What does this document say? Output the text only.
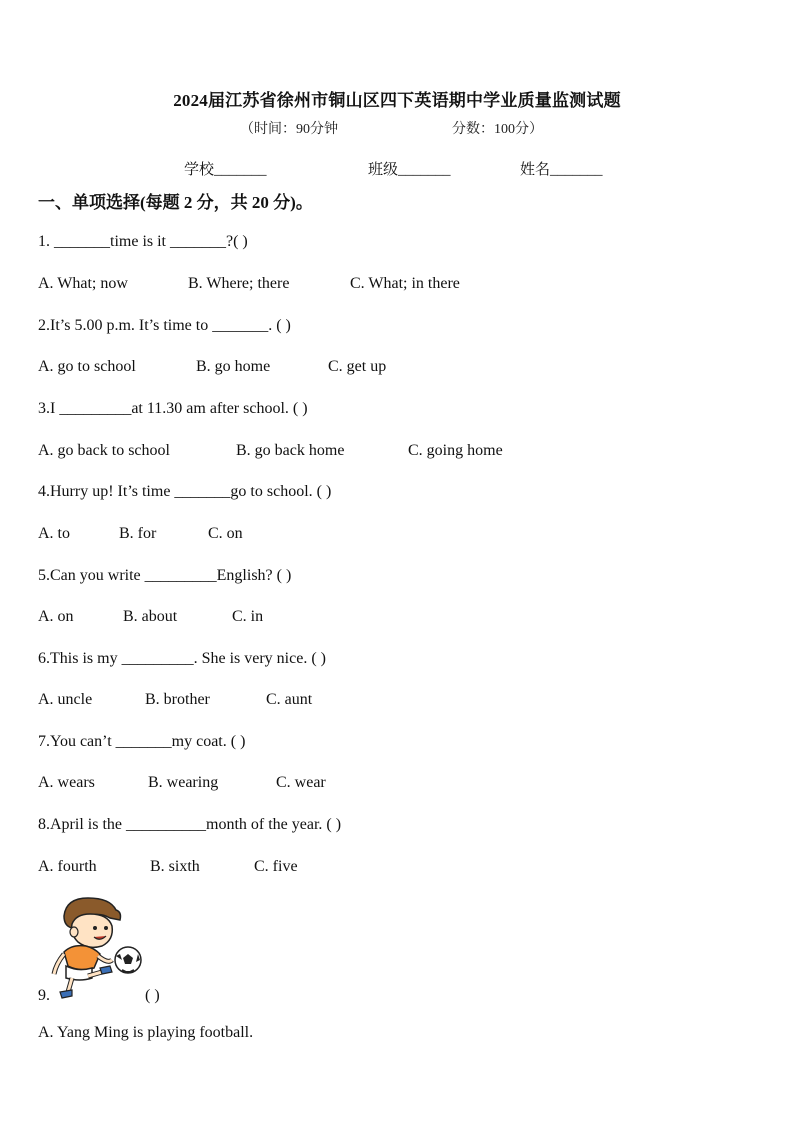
2024届江苏省徐州市铜山区四下英语期中学业质量监测试题
（时间：90分钟	分数：100分）
学校_______	班级_______	姓名_______
一、单项选择(每题 2 分，共 20 分)。
1. _______time is it _______?( )
A. What; now	B. Where; there	C. What; in there
2.It’s 5.00 p.m. It’s time to _______. ( )
A. go to school	B. go home	C. get up
3.I _________at 11.30 am after school. ( )
A. go back to school	B. go back home	C. going home
4.Hurry up! It’s time _______go to school. ( )
A. to	B. for	C. on
5.Can you write _________English? ( )
A. on	B. about	C. in
6.This is my _________. She is very nice. ( )
A. uncle	B. brother	C. aunt
7.You can’t _______my coat. ( )
A. wears	B. wearing	C. wear
8.April is the __________month of the year. ( )
A. fourth	B. sixth	C. five
9.	( )
A. Yang Ming is playing football.
